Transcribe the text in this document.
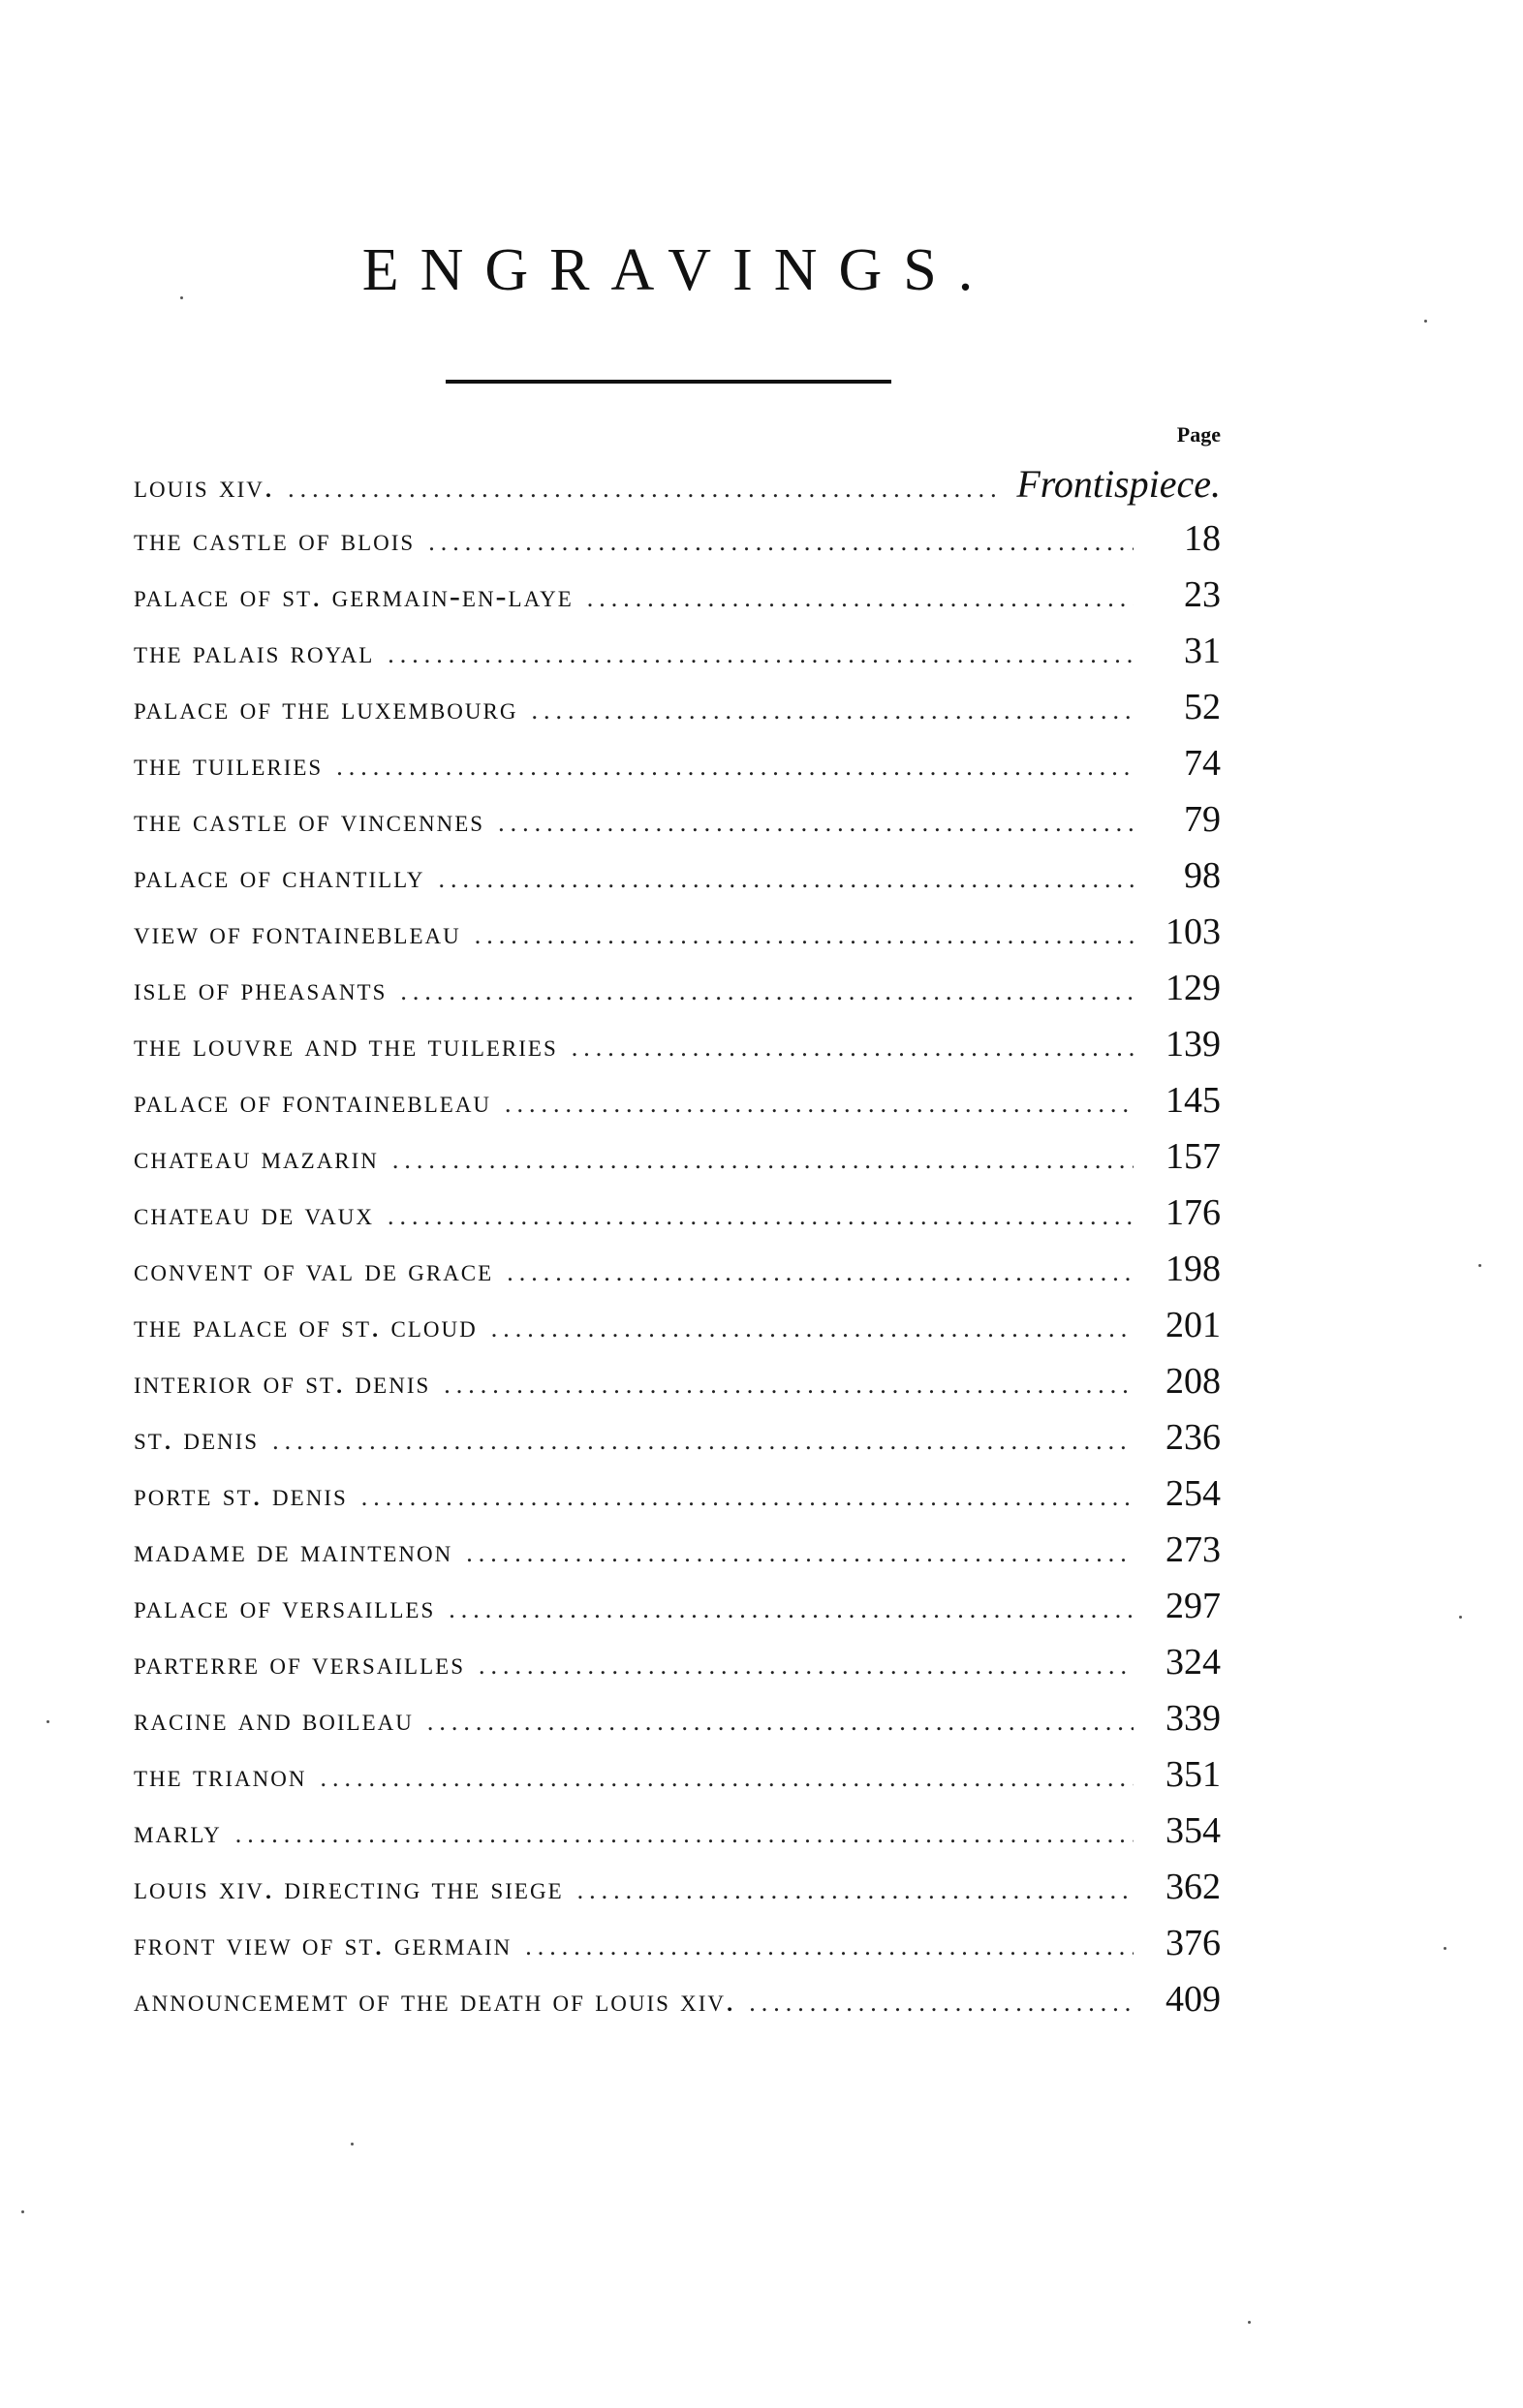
ENGRAVINGS.
Page
louis xiv. .....	Frontispiece.
the castle of blois .....	18
palace of st. germain-en-laye .....	23
the palais royal .....	31
palace of the luxembourg .....	52
the tuileries .....	74
the castle of vincennes .....	79
palace of chantilly .....	98
view of fontainebleau .....	103
isle of pheasants .....	129
the louvre and the tuileries .....	139
palace of fontainebleau .....	145
chateau mazarin .....	157
chateau de vaux .....	176
convent of val de grace .....	198
the palace of st. cloud .....	201
interior of st. denis .....	208
st. denis .....	236
porte st. denis .....	254
madame de maintenon .....	273
palace of versailles .....	297
parterre of versailles .....	324
racine and boileau .....	339
the trianon .....	351
marly .....	354
louis xiv. directing the siege .....	362
front view of st. germain .....	376
announcememt of the death of louis xiv. .....	409
